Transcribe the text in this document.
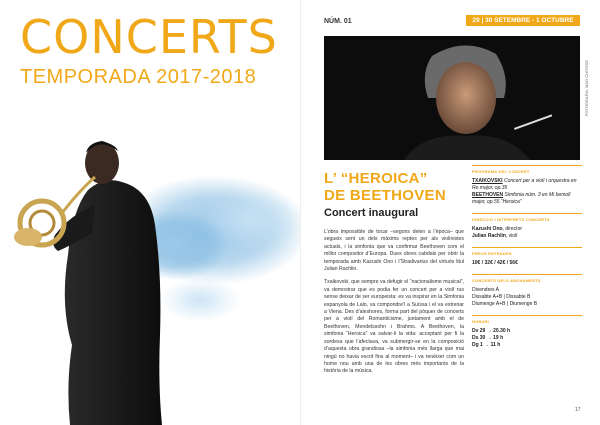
CONCERTS
TEMPORADA 2017-2018
NÚM. 01	29 | 30 SETEMBRE - 1 OCTUBRE 2017
FOTOGRAFIA: MAO CHITOSE
L’ “HEROICA”
DE BEETHOVEN
Concert inaugural

L’obra impossible de tocar –segons deien a l’època– que segueix sent un dels màxims reptes per als violinistes actuals, i la simfonia que va confirmar Beethoven com el millor compositor d’Europa. Dues obres cabdals per obrir la temporada amb Kazushi Ono i l’Stradivarius del virtuós litul Julian Rachlin.

Txaikovski, que sempre va defugir el “nacionalisme musical”, va demostrar que es podia fer un concert per a violí rus sense deixar de ser europeista: es va inspirar en la Simfonia espanyola de Lalo, va compondre’l a Suïssa i el va estrenar a Viena. Des d’aleshores, forma part del pòquer de concerts per a violí del Romanticisme, juntament amb el de Beethoven, Mendelssohn i Brahms. A Beethoven, la simfonia “Heroica” va salvar-li la vida: acceptant per fi la sordesa que l’afectava, va submergir-se en la composició d’aquesta obra grandiosa –la simfonia més llarga que mai ningú no havia escrit fins al moment– i va renéixer com un home nou amb una de les obres més importants de la història de la música.

PROGRAMA DEL CONCERT
TXAIKOVSKI Concert per a violí i orquestra en Re major, op.35
BEETHOVEN Simfonia núm. 3 en Mi bemoll major, op.55 “Heroica”
DIRECCIÓ I INTÈRPRETS CONCERTS
Kazushi Ono, director
Julian Rachlin, violí
PREUS ENTRADES
10€ / 32€ / 42€ / 56€
CONCERTS DELS ABONAMENTS
Divendres A
Dissabte A+B | Dissabte B
Diumenge A+B | Diumenge B
HORARI
Dv 29 → 20.30 h
Ds 30 → 19 h
Dg 1 → 11 h
17
